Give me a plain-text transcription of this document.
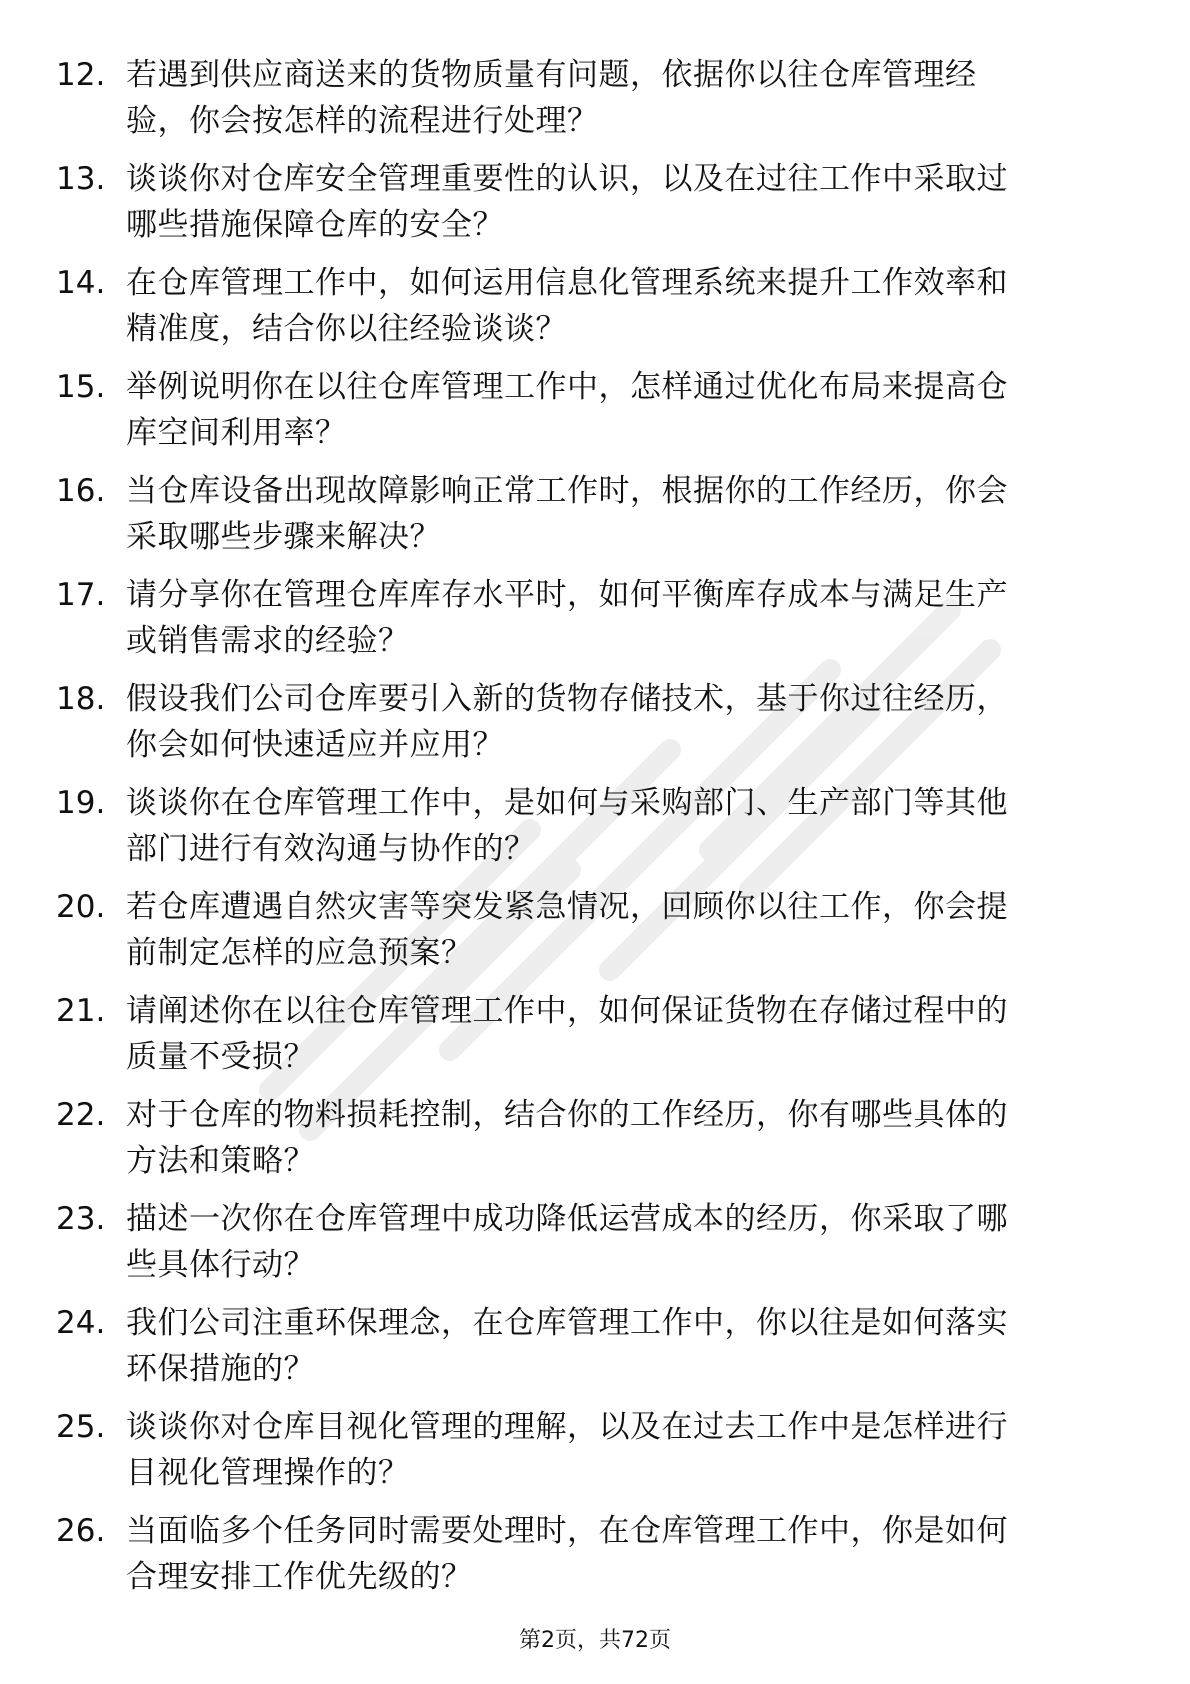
12. 若遇到供应商送来的货物质量有问题，依据你以往仓库管理经
验，你会按怎样的流程进行处理？
13. 谈谈你对仓库安全管理重要性的认识，以及在过往工作中采取过
哪些措施保障仓库的安全？
14. 在仓库管理工作中，如何运用信息化管理系统来提升工作效率和
精准度，结合你以往经验谈谈？
15. 举例说明你在以往仓库管理工作中，怎样通过优化布局来提高仓
库空间利用率？
16. 当仓库设备出现故障影响正常工作时，根据你的工作经历，你会
采取哪些步骤来解决？
17. 请分享你在管理仓库库存水平时，如何平衡库存成本与满足生产
或销售需求的经验？
18. 假设我们公司仓库要引入新的货物存储技术，基于你过往经历，
你会如何快速适应并应用？
19. 谈谈你在仓库管理工作中，是如何与采购部门、生产部门等其他
部门进行有效沟通与协作的？
20. 若仓库遭遇自然灾害等突发紧急情况，回顾你以往工作，你会提
前制定怎样的应急预案？
21. 请阐述你在以往仓库管理工作中，如何保证货物在存储过程中的
质量不受损？
22. 对于仓库的物料损耗控制，结合你的工作经历，你有哪些具体的
方法和策略？
23. 描述一次你在仓库管理中成功降低运营成本的经历，你采取了哪
些具体行动？
24. 我们公司注重环保理念，在仓库管理工作中，你以往是如何落实
环保措施的？
25. 谈谈你对仓库目视化管理的理解，以及在过去工作中是怎样进行
目视化管理操作的？
26. 当面临多个任务同时需要处理时，在仓库管理工作中，你是如何
合理安排工作优先级的？
第2页，共72页
